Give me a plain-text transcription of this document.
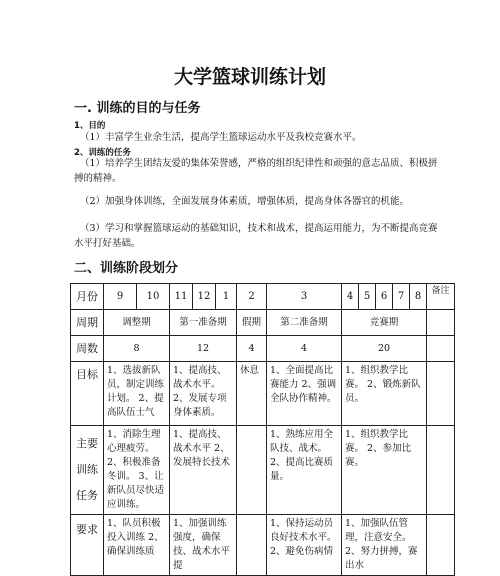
大学篮球训练计划
一. 训练的目的与任务
1、目的
（1）丰富学生业余生活，提高学生篮球运动水平及我校竞赛水平。
2、训练的任务
（1）培养学生团结友爱的集体荣誉感，严格的组织纪律性和顽强的意志品质、积极拼搏的精神。
（2）加强身体训练，全面发展身体素质，增强体质，提高身体各器官的机能。
（3）学习和掌握篮球运动的基础知识，技术和战术，提高运用能力，为不断提高竞赛水平打好基础。
二、训练阶段划分
月份	9	10	11	12	1	2	3	4	5	6	7	8	备注
周期	调整期		第一准备期			假期	第二准备期	竞赛期					
周数	8		12			4	4	20					
目标	1、选拔新队员，制定训练计划。 2、提高队伍士气		1、提高技、战术水平。 2、发展专项身体素质。			休息	1、全面提高比赛能力 2、强调全队协作精神。	1、组织教学比赛。 2、锻炼新队员。					

主要
训练
任务	1、消除生理心理疲劳。 2、积极准备冬训。 3、让新队员尽快适应训练。		1、提高技、战术水平 2、发展特长技术				1、熟练应用全队技、战术。 2、提高比赛质量。	1、组织教学比赛。 2、参加比赛。					
要求	1、队员积极投入训练 2、确保训练质		1、加强训练强度，确保技、战术水平提				1、保持运动员良好技术水平。 2、避免伤病情	1、加强队伍管理，注意安全。 2、努力拼搏，赛出水					
